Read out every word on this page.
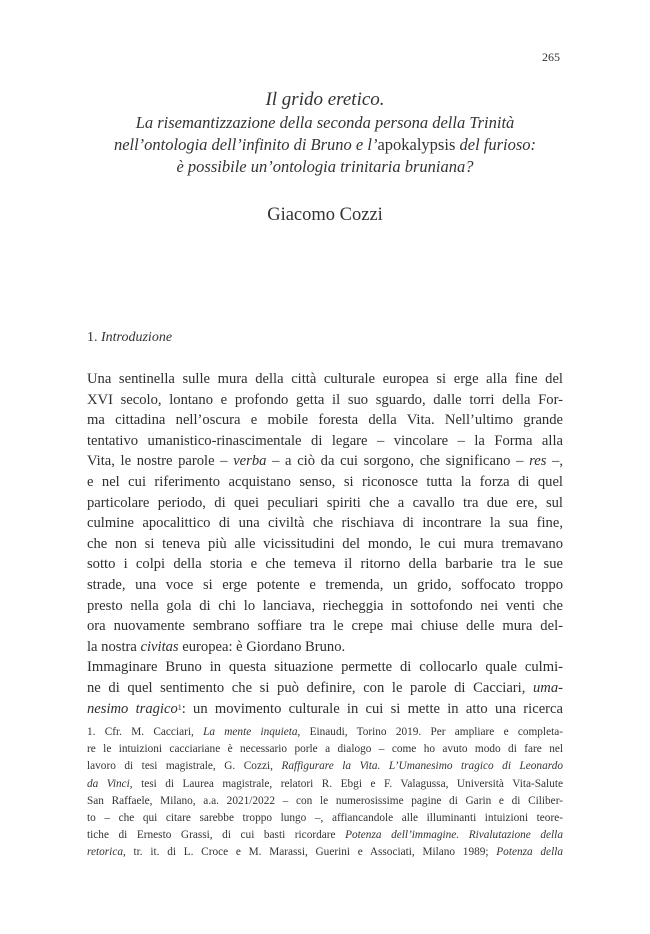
265
Il grido eretico.
La risemantizzazione della seconda persona della Trinità
nell’ontologia dell’infinito di Bruno e l’apokalypsis del furioso:
è possibile un’ontologia trinitaria bruniana?
Giacomo Cozzi
1. Introduzione
Una sentinella sulle mura della città culturale europea si erge alla fine del
XVI secolo, lontano e profondo getta il suo sguardo, dalle torri della For-
ma cittadina nell’oscura e mobile foresta della Vita. Nell’ultimo grande
tentativo umanistico-rinascimentale di legare – vincolare – la Forma alla
Vita, le nostre parole – verba – a ciò da cui sorgono, che significano – res –,
e nel cui riferimento acquistano senso, si riconosce tutta la forza di quel
particolare periodo, di quei peculiari spiriti che a cavallo tra due ere, sul
culmine apocalittico di una civiltà che rischiava di incontrare la sua fine,
che non si teneva più alle vicissitudini del mondo, le cui mura tremavano
sotto i colpi della storia e che temeva il ritorno della barbarie tra le sue
strade, una voce si erge potente e tremenda, un grido, soffocato troppo
presto nella gola di chi lo lanciava, riecheggia in sottofondo nei venti che
ora nuovamente sembrano soffiare tra le crepe mai chiuse delle mura del-
la nostra civitas europea: è Giordano Bruno.
Immaginare Bruno in questa situazione permette di collocarlo quale culmi-
ne di quel sentimento che si può definire, con le parole di Cacciari, uma-
nesimo tragico$^1$: un movimento culturale in cui si mette in atto una ricerca
1. Cfr. M. Cacciari, La mente inquieta, Einaudi, Torino 2019. Per ampliare e completa-
re le intuizioni cacciariane è necessario porle a dialogo – come ho avuto modo di fare nel
lavoro di tesi magistrale, G. Cozzi, Raffigurare la Vita. L’Umanesimo tragico di Leonardo
da Vinci, tesi di Laurea magistrale, relatori R. Ebgi e F. Valagussa, Università Vita-Salute
San Raffaele, Milano, a.a. 2021/2022 – con le numerosissime pagine di Garin e di Ciliber-
to – che qui citare sarebbe troppo lungo –, affiancandole alle illuminanti intuizioni teore-
tiche di Ernesto Grassi, di cui basti ricordare Potenza dell’immagine. Rivalutazione della
retorica, tr. it. di L. Croce e M. Marassi, Guerini e Associati, Milano 1989; Potenza della
